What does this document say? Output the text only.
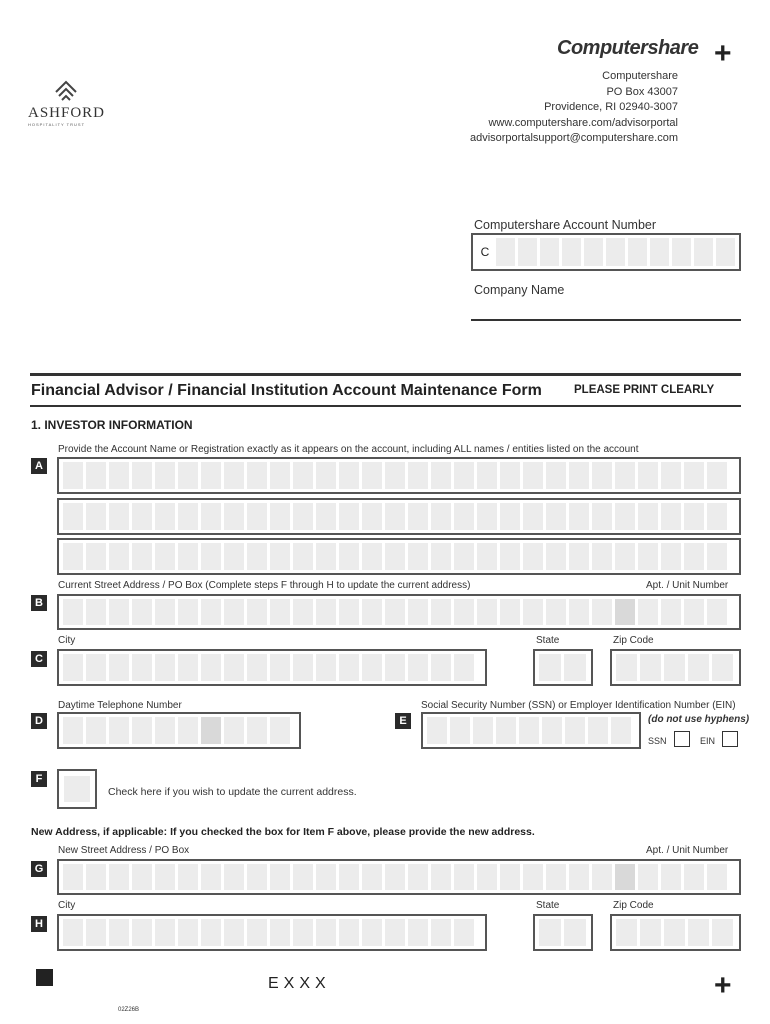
ASHFORD
HOSPITALITY TRUST
Computershare +
Computershare
PO Box 43007
Providence, RI 02940-3007
www.computershare.com/advisorportal
advisorportalsupport@computershare.com
Computershare Account Number
C
Company Name
Financial Advisor / Financial Institution Account Maintenance Form	PLEASE PRINT CLEARLY
1. INVESTOR INFORMATION
Provide the Account Name or Registration exactly as it appears on the account, including ALL names / entities listed on the account
A
Current Street Address / PO Box (Complete steps F through H to update the current address)	Apt. / Unit Number
B
City	State	Zip Code
C
Daytime Telephone Number	Social Security Number (SSN) or Employer Identification Number (EIN)
(do not use hyphens)
D	E
SSN	EIN
F
Check here if you wish to update the current address.
New Address, if applicable: If you checked the box for Item F above, please provide the new address.
New Street Address / PO Box	Apt. / Unit Number
G
City	State	Zip Code
H
EXXX	+
02Z26B
